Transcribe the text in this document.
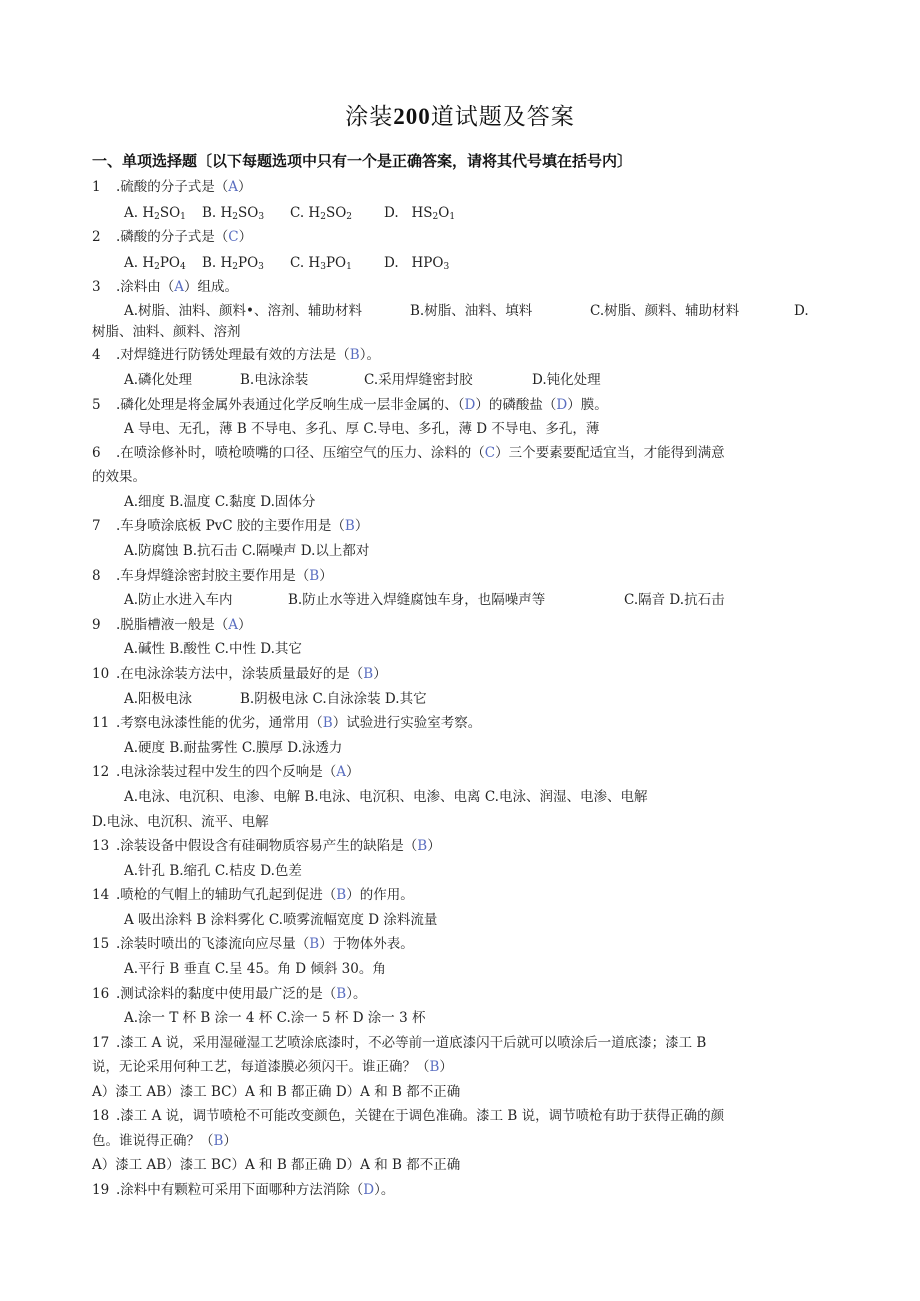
涂装200道试题及答案
一、单项选择题〔以下每题选项中只有一个是正确答案，请将其代号填在括号内〕
1 .硫酸的分子式是（A）
A. $H_2SO_1$ B. $H_2SO_3$ C. $H_2SO_2$ D. $HS_2O_1$
2 .磷酸的分子式是（C）
A. $H_2PO_4$ B. $H_2PO_3$ C. $H_3PO_1$ D. $HPO_3$
3 .涂料由（A）组成。
A.树脂、油料、颜料•、溶剂、辅助材料	B.树脂、油料、填料	C.树脂、颜料、辅助材料	D.
树脂、油料、颜料、溶剂
4 .对焊缝进行防锈处理最有效的方法是（B）。
A.磷化处理	B.电泳涂装	C.采用焊缝密封胶	D.钝化处理
5 .磷化处理是将金属外表通过化学反响生成一层非金属的、（D）的磷酸盐（D）膜。
A 导电、无孔，薄 B 不导电、多孔、厚 C.导电、多孔，薄 D 不导电、多孔，薄
6 .在喷涂修补时，喷枪喷嘴的口径、压缩空气的压力、涂料的（C）三个要素要配适宜当，才能得到满意
的效果。
A.细度 B.温度 C.黏度 D.固体分
7 .车身喷涂底板 PvC 胶的主要作用是（B）
A.防腐蚀 B.抗石击 C.隔噪声 D.以上都对
8 .车身焊缝涂密封胶主要作用是（B）
A.防止水进入车内	B.防止水等进入焊缝腐蚀车身，也隔噪声等	C.隔音 D.抗石击
9 .脱脂槽液一般是（A）
A.碱性 B.酸性 C.中性 D.其它
10 .在电泳涂装方法中，涂装质量最好的是（B）
A.阳极电泳	B.阴极电泳 C.自泳涂装 D.其它
11 .考察电泳漆性能的优劣，通常用（B）试验进行实验室考察。
A.硬度 B.耐盐雾性 C.膜厚 D.泳透力
12 .电泳涂装过程中发生的四个反响是（A）
A.电泳、电沉积、电渗、电解 B.电泳、电沉积、电渗、电离 C.电泳、润湿、电渗、电解
D.电泳、电沉积、流平、电解
13 .涂装设备中假设含有硅硐物质容易产生的缺陷是（B）
A.针孔 B.缩孔 C.桔皮 D.色差
14 .喷枪的气帽上的辅助气孔起到促进（B）的作用。
A 吸出涂料 B 涂料雾化 C.喷雾流幅宽度 D 涂料流量
15 .涂装时喷出的飞漆流向应尽量（B）于物体外表。
A.平行 B 垂直 C.呈 45。角 D 倾斜 30。角
16 .测试涂料的黏度中使用最广泛的是（B）。
A.涂一 T 杯 B 涂一 4 杯 C.涂一 5 杯 D 涂一 3 杯
17 .漆工 A 说，采用湿碰湿工艺喷涂底漆时，不必等前一道底漆闪干后就可以喷涂后一道底漆；漆工 B
说，无论采用何种工艺，每道漆膜必须闪干。谁正确？（B）
A）漆工 AB）漆工 BC）A 和 B 都正确 D）A 和 B 都不正确
18 .漆工 A 说，调节喷枪不可能改变颜色，关键在于调色准确。漆工 B 说，调节喷枪有助于获得正确的颜
色。谁说得正确？（B）
A）漆工 AB）漆工 BC）A 和 B 都正确 D）A 和 B 都不正确
19 .涂料中有颗粒可采用下面哪种方法消除（D）。
